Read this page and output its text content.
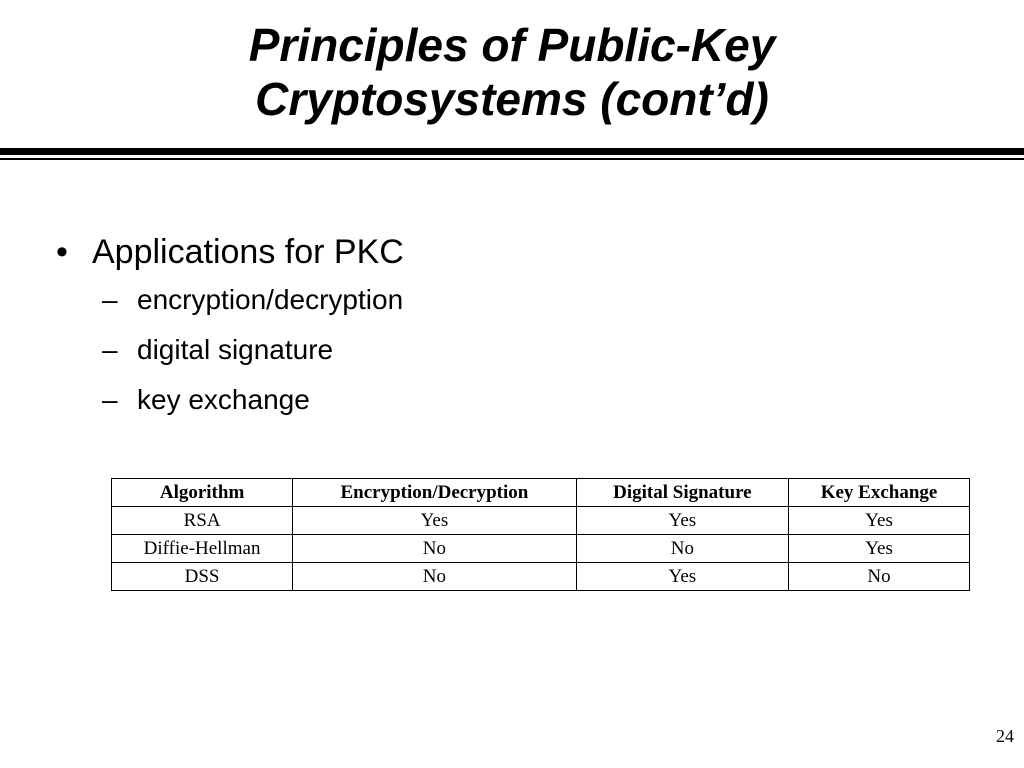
Principles of Public-Key
Cryptosystems (cont’d)
• Applications for PKC
– encryption/decryption
– digital signature
– key exchange
Algorithm	Encryption/Decryption	Digital Signature	Key Exchange
RSA	Yes	Yes	Yes
Diffie-Hellman	No	No	Yes
DSS	No	Yes	No
24
